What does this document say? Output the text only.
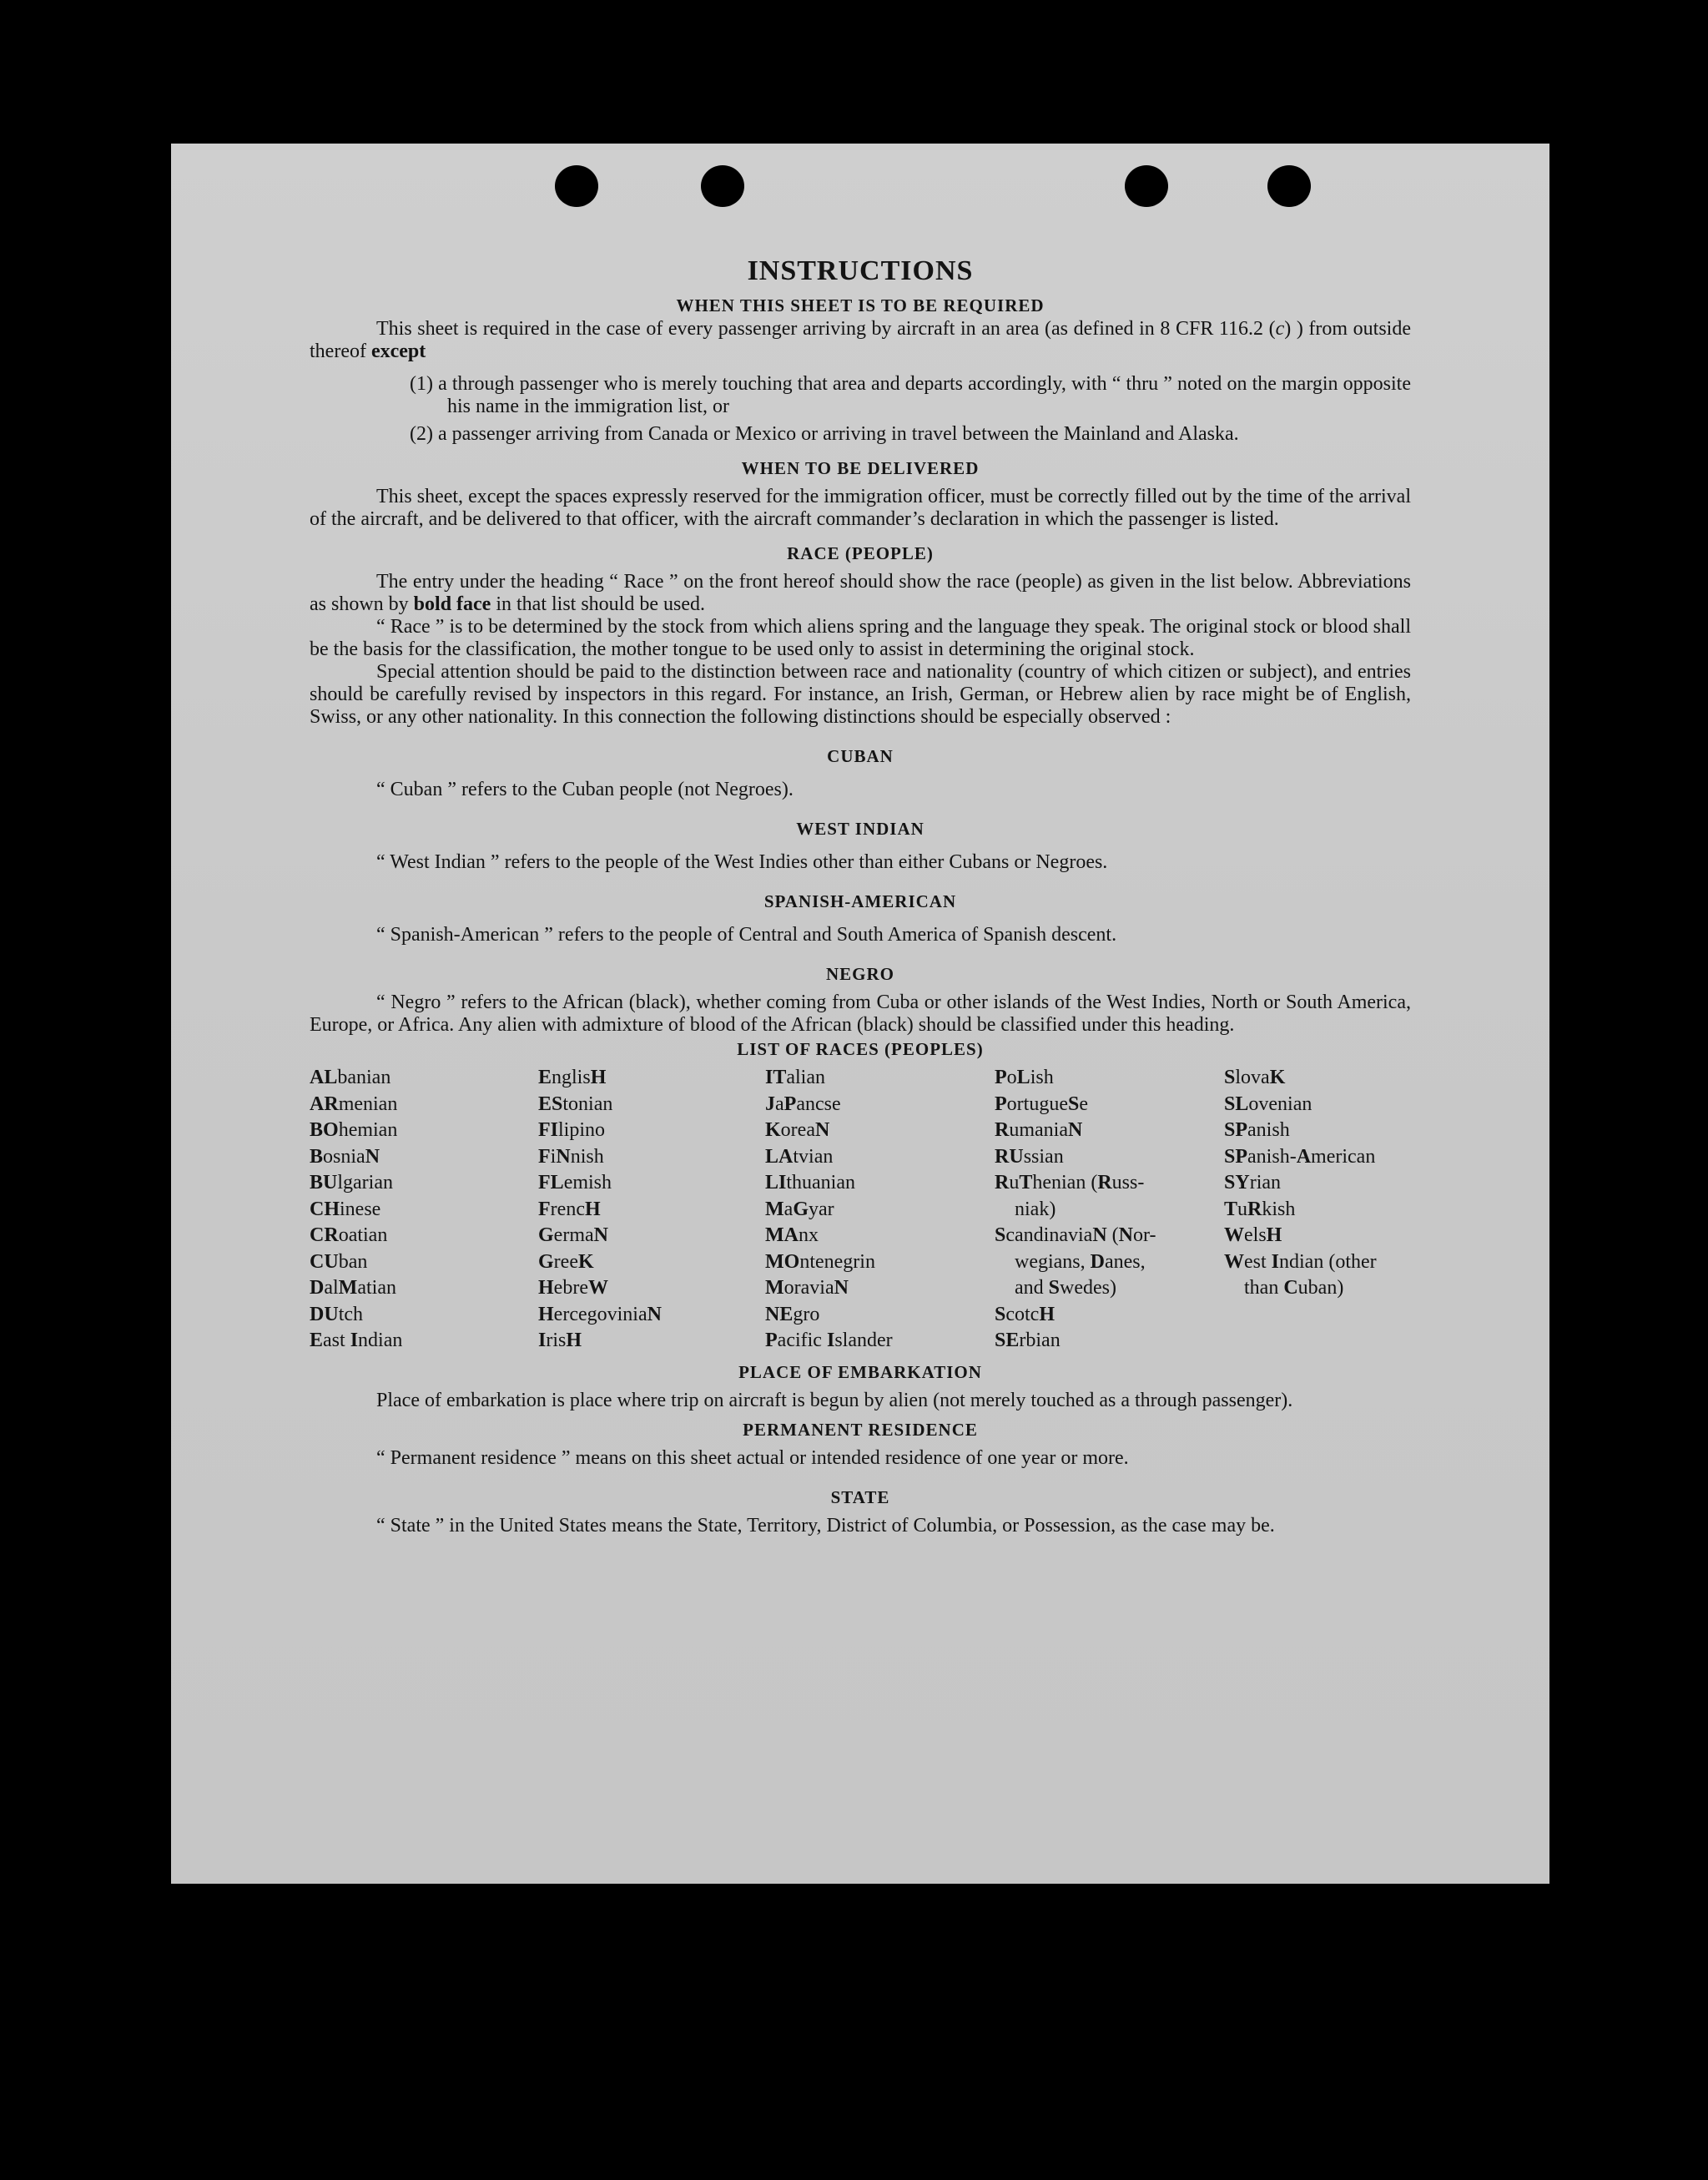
INSTRUCTIONS
WHEN THIS SHEET IS TO BE REQUIRED

This sheet is required in the case of every passenger arriving by aircraft in an area (as defined in 8 CFR 116.2 (c) ) from outside thereof except

(1) a through passenger who is merely touching that area and departs accordingly, with “ thru ” noted on the margin opposite his name in the immigration list, or

(2) a passenger arriving from Canada or Mexico or arriving in travel between the Mainland and Alaska.

WHEN TO BE DELIVERED

This sheet, except the spaces expressly reserved for the immigration officer, must be correctly filled out by the time of the arrival of the aircraft, and be delivered to that officer, with the aircraft commander’s declaration in which the passenger is listed.

RACE (PEOPLE)

The entry under the heading “ Race ” on the front hereof should show the race (people) as given in the list below. Abbreviations as shown by bold face in that list should be used.

“ Race ” is to be determined by the stock from which aliens spring and the language they speak. The original stock or blood shall be the basis for the classification, the mother tongue to be used only to assist in determining the original stock.

Special attention should be paid to the distinction between race and nationality (country of which citizen or subject), and entries should be carefully revised by inspectors in this regard. For instance, an Irish, German, or Hebrew alien by race might be of English, Swiss, or any other nationality. In this connection the following distinctions should be especially observed :

CUBAN

“ Cuban ” refers to the Cuban people (not Negroes).

WEST INDIAN

“ West Indian ” refers to the people of the West Indies other than either Cubans or Negroes.

SPANISH-AMERICAN

“ Spanish-American ” refers to the people of Central and South America of Spanish descent.

NEGRO

“ Negro ” refers to the African (black), whether coming from Cuba or other islands of the West Indies, North or South America, Europe, or Africa. Any alien with admixture of blood of the African (black) should be classified under this heading.

LIST OF RACES (PEOPLES)
ALbanian
ARmenian
BOhemian
BosniaN
BUlgarian
CHinese
CRoatian
CUban
DalMatian
DUtch
East Indian
EnglisH
EStonian
FIlipino
FiNnish
FLemish
FrencH
GermaN
GreeK
HebreW
HercegoviniaN
IrisH
ITalian
JaPancse
KoreaN
LAtvian
LIthuanian
MaGyar
MAnx
MOntenegrin
MoraviaN
NEgro
Pacific Islander
PoLish
PortugueSe
RumaniaN
RUssian
RuThenian (Russ-
niak)
ScandinaviaN (Nor-
wegians, Danes,
and Swedes)
ScotcH
SErbian
SlovaK
SLovenian
SPanish
SPanish-American
SYrian
TuRkish
WelsH
West Indian (other
than Cuban)
PLACE OF EMBARKATION

Place of embarkation is place where trip on aircraft is begun by alien (not merely touched as a through passenger).

PERMANENT RESIDENCE

“ Permanent residence ” means on this sheet actual or intended residence of one year or more.

STATE

“ State ” in the United States means the State, Territory, District of Columbia, or Possession, as the case may be.
